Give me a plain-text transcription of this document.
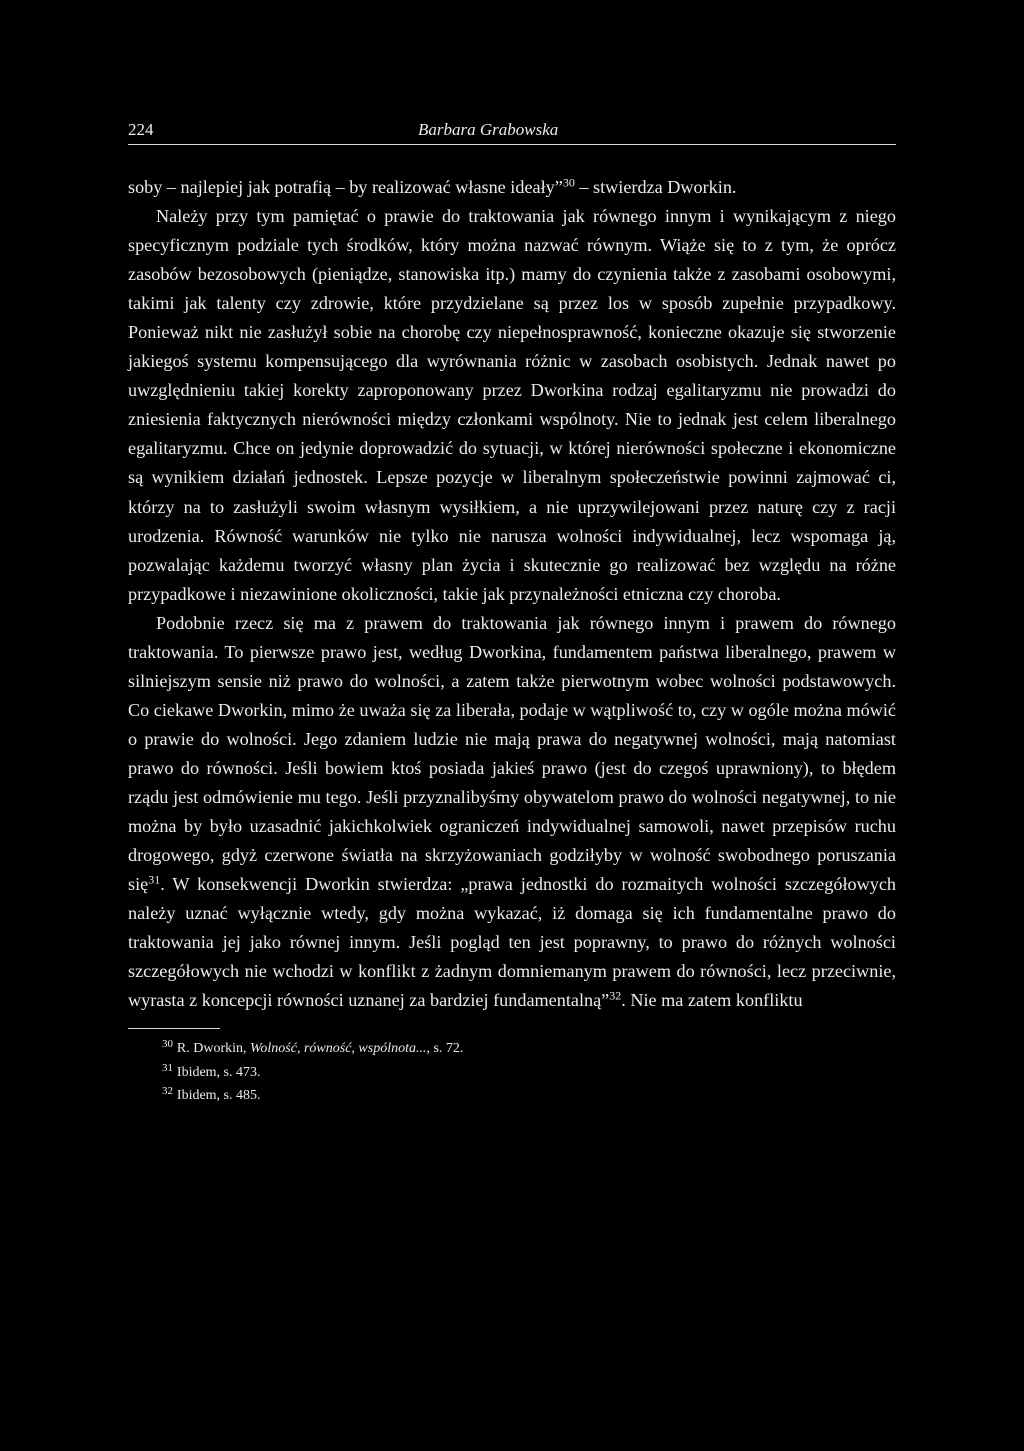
224	Barbara Grabowska

soby – najlepiej jak potrafią – by realizować własne ideały”$^{30}$ – stwierdza Dworkin.

Należy przy tym pamiętać o prawie do traktowania jak równego innym i wynikającym z niego specyficznym podziale tych środków, który można nazwać równym. Wiąże się to z tym, że oprócz zasobów bezosobowych (pieniądze, stanowiska itp.) mamy do czynienia także z zasobami osobowymi, takimi jak talenty czy zdrowie, które przydzielane są przez los w sposób zupełnie przypadkowy. Ponieważ nikt nie zasłużył sobie na chorobę czy niepełnosprawność, konieczne okazuje się stworzenie jakiegoś systemu kompensującego dla wyrównania różnic w zasobach osobistych. Jednak nawet po uwzględnieniu takiej korekty zaproponowany przez Dworkina rodzaj egalitaryzmu nie prowadzi do zniesienia faktycznych nierówności między członkami wspólnoty. Nie to jednak jest celem liberalnego egalitaryzmu. Chce on jedynie doprowadzić do sytuacji, w której nierówności społeczne i ekonomiczne są wynikiem działań jednostek. Lepsze pozycje w liberalnym społeczeństwie powinni zajmować ci, którzy na to zasłużyli swoim własnym wysiłkiem, a nie uprzywilejowani przez naturę czy z racji urodzenia. Równość warunków nie tylko nie narusza wolności indywidualnej, lecz wspomaga ją, pozwalając każdemu tworzyć własny plan życia i skutecznie go realizować bez względu na różne przypadkowe i niezawinione okoliczności, takie jak przynależności etniczna czy choroba.

Podobnie rzecz się ma z prawem do traktowania jak równego innym i prawem do równego traktowania. To pierwsze prawo jest, według Dworkina, fundamentem państwa liberalnego, prawem w silniejszym sensie niż prawo do wolności, a zatem także pierwotnym wobec wolności podstawowych. Co ciekawe Dworkin, mimo że uważa się za liberała, podaje w wątpliwość to, czy w ogóle można mówić o prawie do wolności. Jego zdaniem ludzie nie mają prawa do negatywnej wolności, mają natomiast prawo do równości. Jeśli bowiem ktoś posiada jakieś prawo (jest do czegoś uprawniony), to błędem rządu jest odmówienie mu tego. Jeśli przyznalibyśmy obywatelom prawo do wolności negatywnej, to nie można by było uzasadnić jakichkolwiek ograniczeń indywidualnej samowoli, nawet przepisów ruchu drogowego, gdyż czerwone światła na skrzyżowaniach godziłyby w wolność swobodnego poruszania się$^{31}$. W konsekwencji Dworkin stwierdza: „prawa jednostki do rozmaitych wolności szczegółowych należy uznać wyłącznie wtedy, gdy można wykazać, iż domaga się ich fundamentalne prawo do traktowania jej jako równej innym. Jeśli pogląd ten jest poprawny, to prawo do różnych wolności szczegółowych nie wchodzi w konflikt z żadnym domniemanym prawem do równości, lecz przeciwnie, wyrasta z koncepcji równości uznanej za bardziej fundamentalną”$^{32}$. Nie ma zatem konfliktu

$^{30}$ R. Dworkin, Wolność, równość, wspólnota..., s. 72.

$^{31}$ Ibidem, s. 473.

$^{32}$ Ibidem, s. 485.
